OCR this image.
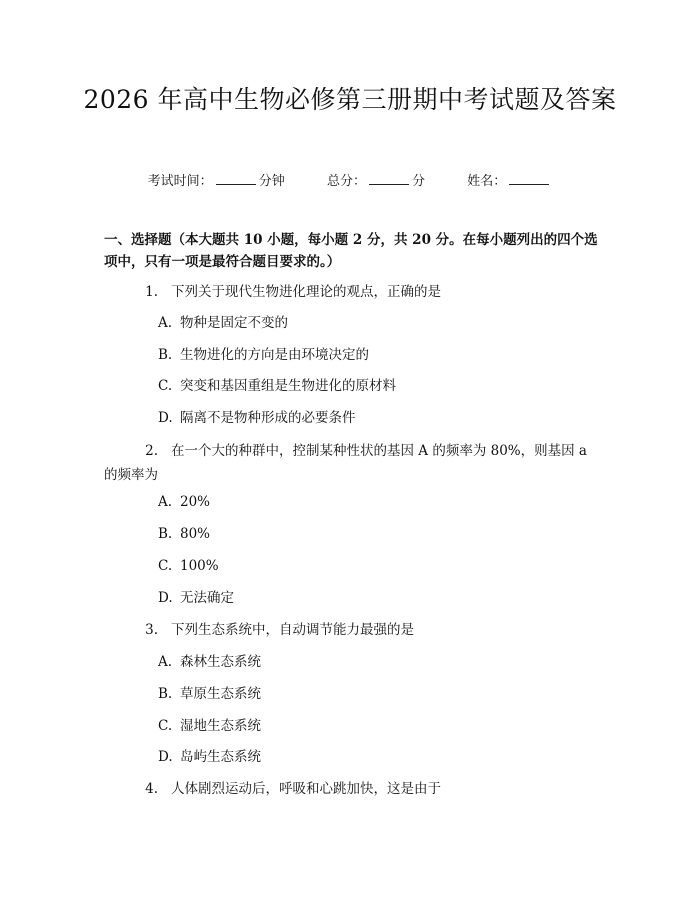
2026 年高中生物必修第三册期中考试题及答案
考试时间：	分钟	总分：	分	姓名：
一、选择题（本大题共 10 小题，每小题 2 分，共 20 分。在每小题列出的四个选项中，只有一项是最符合题目要求的。）
1. 下列关于现代生物进化理论的观点，正确的是
A. 物种是固定不变的
B. 生物进化的方向是由环境决定的
C. 突变和基因重组是生物进化的原材料
D. 隔离不是物种形成的必要条件
2. 在一个大的种群中，控制某种性状的基因 A 的频率为 80%，则基因 a 的频率为
A. 20%
B. 80%
C. 100%
D. 无法确定
3. 下列生态系统中，自动调节能力最强的是
A. 森林生态系统
B. 草原生态系统
C. 湿地生态系统
D. 岛屿生态系统
4. 人体剧烈运动后，呼吸和心跳加快，这是由于
